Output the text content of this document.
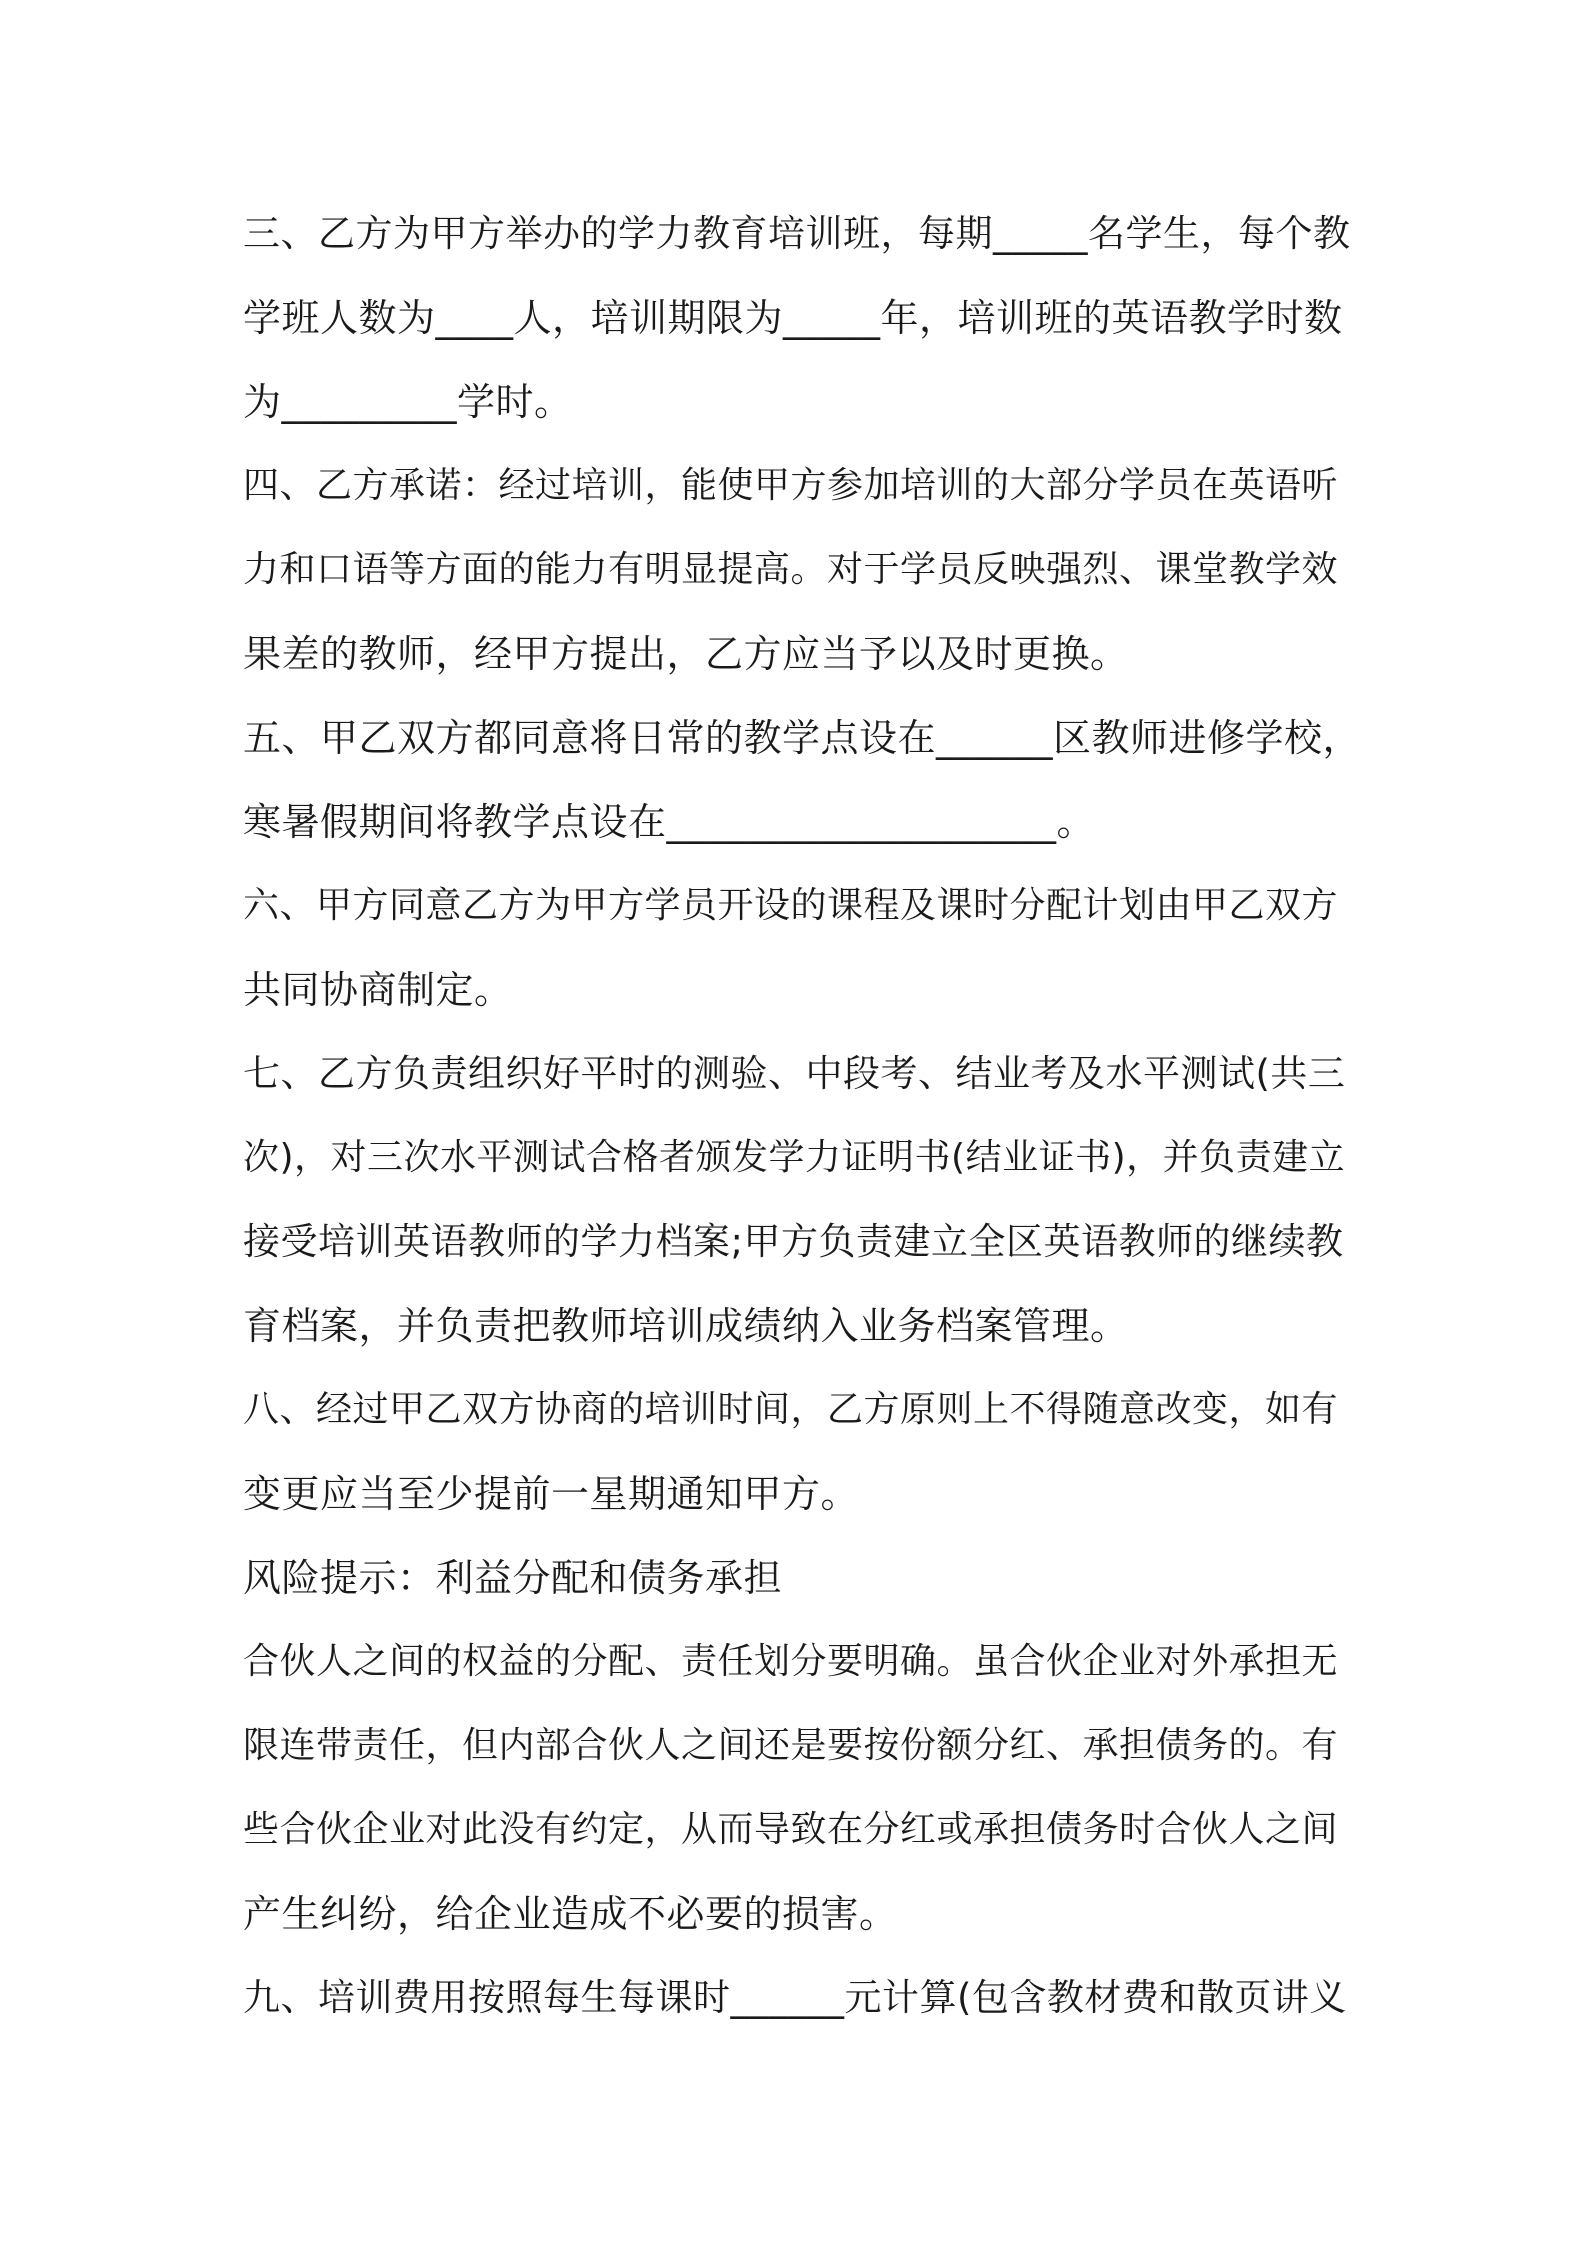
三、乙方为甲方举办的学力教育培训班，每期_____名学生，每个教
学班人数为____人，培训期限为_____年，培训班的英语教学时数
为_________学时。
四、乙方承诺：经过培训，能使甲方参加培训的大部分学员在英语听
力和口语等方面的能力有明显提高。对于学员反映强烈、课堂教学效
果差的教师，经甲方提出，乙方应当予以及时更换。
五、甲乙双方都同意将日常的教学点设在______区教师进修学校，
寒暑假期间将教学点设在____________________。
六、甲方同意乙方为甲方学员开设的课程及课时分配计划由甲乙双方
共同协商制定。
七、乙方负责组织好平时的测验、中段考、结业考及水平测试(共三
次)，对三次水平测试合格者颁发学力证明书(结业证书)，并负责建立
接受培训英语教师的学力档案;甲方负责建立全区英语教师的继续教
育档案，并负责把教师培训成绩纳入业务档案管理。
八、经过甲乙双方协商的培训时间，乙方原则上不得随意改变，如有
变更应当至少提前一星期通知甲方。
风险提示：利益分配和债务承担
合伙人之间的权益的分配、责任划分要明确。虽合伙企业对外承担无
限连带责任，但内部合伙人之间还是要按份额分红、承担债务的。有
些合伙企业对此没有约定，从而导致在分红或承担债务时合伙人之间
产生纠纷，给企业造成不必要的损害。
九、培训费用按照每生每课时______元计算(包含教材费和散页讲义
